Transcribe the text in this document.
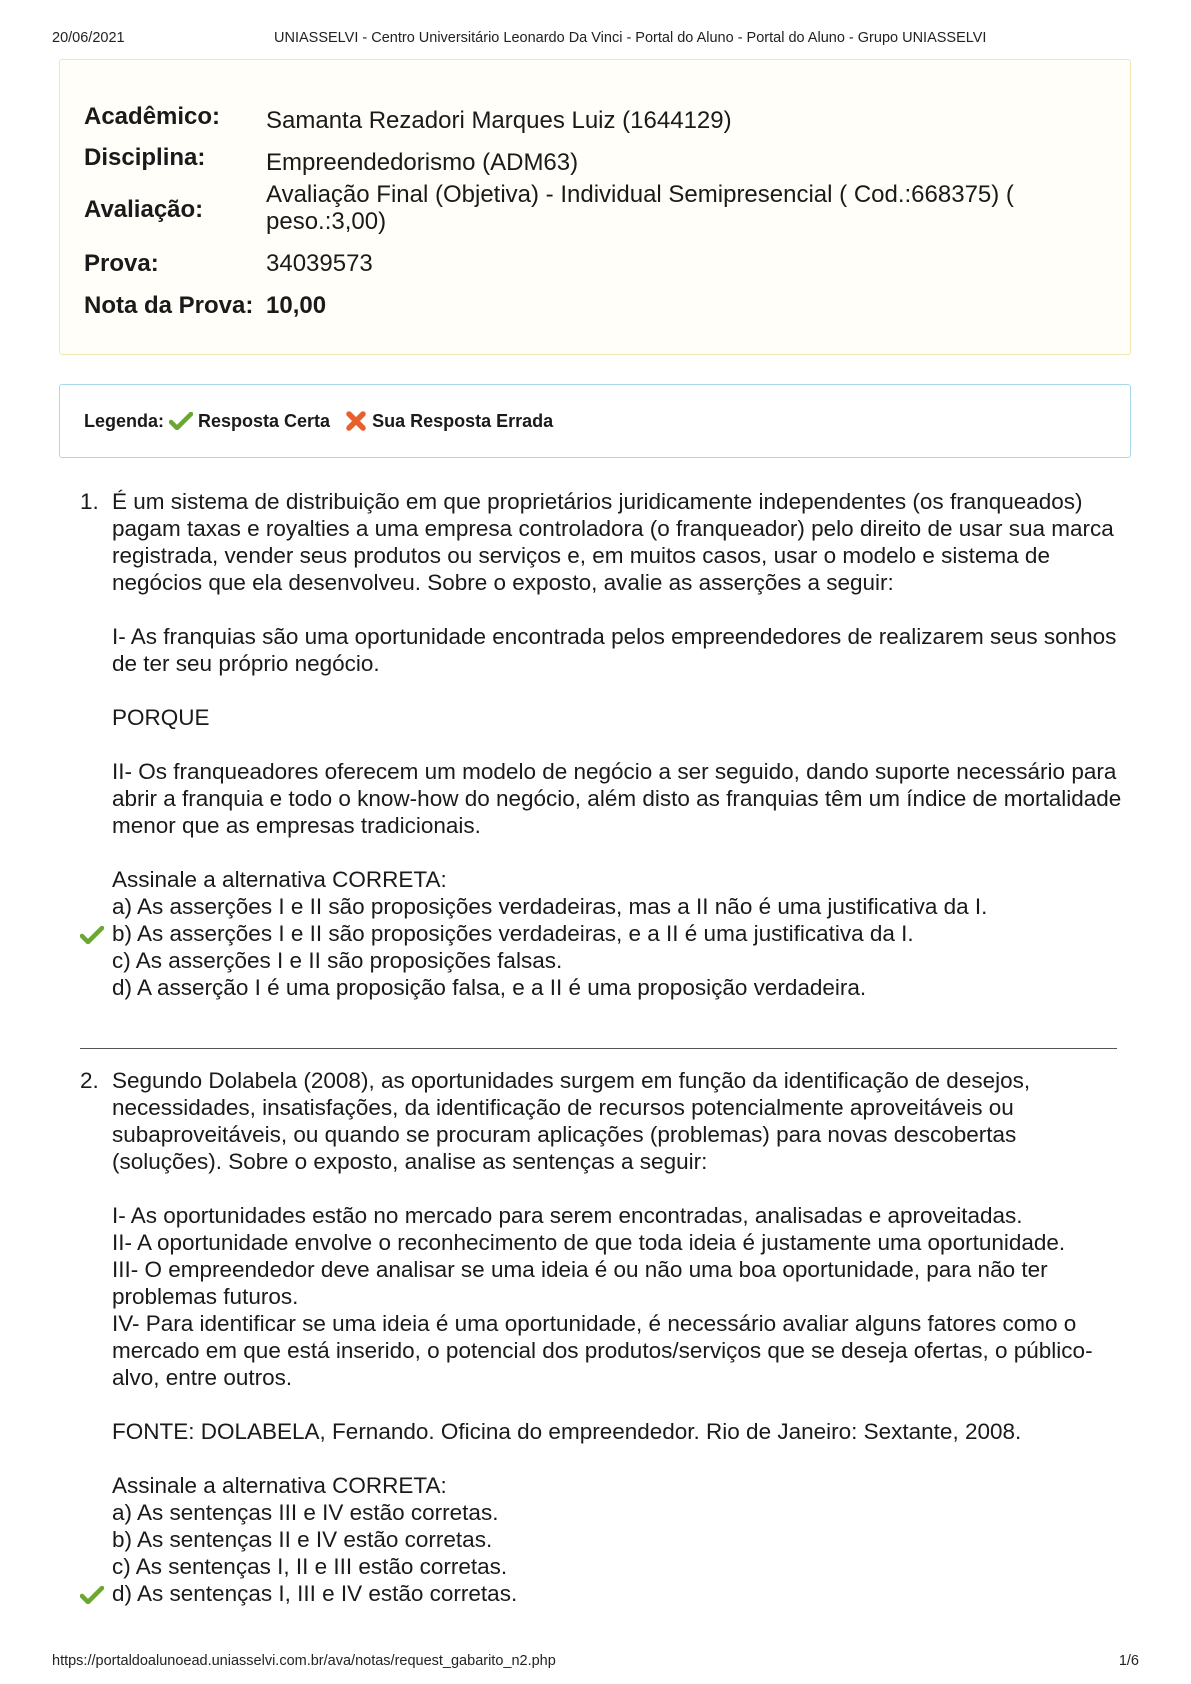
20/06/2021	UNIASSELVI - Centro Universitário Leonardo Da Vinci - Portal do Aluno - Portal do Aluno - Grupo UNIASSELVI
Acadêmico: Samanta Rezadori Marques Luiz (1644129)
Disciplina:	Empreendedorismo (ADM63)
Avaliação:
Avaliação Final (Objetiva) - Individual Semipresencial ( Cod.:668375) ( peso.:3,00)
Prova:	34039573
Nota da Prova: 10,00
Legenda: Resposta Certa Sua Resposta Errada
1. É um sistema de distribuição em que proprietários juridicamente independentes (os franqueados) pagam taxas e royalties a uma empresa controladora (o franqueador) pelo direito de usar sua marca registrada, vender seus produtos ou serviços e, em muitos casos, usar o modelo e sistema de negócios que ela desenvolveu. Sobre o exposto, avalie as asserções a seguir:

I- As franquias são uma oportunidade encontrada pelos empreendedores de realizarem seus sonhos de ter seu próprio negócio.

PORQUE

II- Os franqueadores oferecem um modelo de negócio a ser seguido, dando suporte necessário para abrir a franquia e todo o know-how do negócio, além disto as franquias têm um índice de mortalidade menor que as empresas tradicionais.

Assinale a alternativa CORRETA:

a) As asserções I e II são proposições verdadeiras, mas a II não é uma justificativa da I.
b) As asserções I e II são proposições verdadeiras, e a II é uma justificativa da I.
c) As asserções I e II são proposições falsas.
d) A asserção I é uma proposição falsa, e a II é uma proposição verdadeira.
2. Segundo Dolabela (2008), as oportunidades surgem em função da identificação de desejos, necessidades, insatisfações, da identificação de recursos potencialmente aproveitáveis ou subaproveitáveis, ou quando se procuram aplicações (problemas) para novas descobertas (soluções). Sobre o exposto, analise as sentenças a seguir:

I- As oportunidades estão no mercado para serem encontradas, analisadas e aproveitadas.

II- A oportunidade envolve o reconhecimento de que toda ideia é justamente uma oportunidade.

III- O empreendedor deve analisar se uma ideia é ou não uma boa oportunidade, para não ter problemas futuros.

IV- Para identificar se uma ideia é uma oportunidade, é necessário avaliar alguns fatores como o mercado em que está inserido, o potencial dos produtos/serviços que se deseja ofertas, o público-alvo, entre outros.

FONTE: DOLABELA, Fernando. Oficina do empreendedor. Rio de Janeiro: Sextante, 2008.

Assinale a alternativa CORRETA:

a) As sentenças III e IV estão corretas.
b) As sentenças II e IV estão corretas.
c) As sentenças I, II e III estão corretas.
d) As sentenças I, III e IV estão corretas.
https://portaldoalunoead.uniasselvi.com.br/ava/notas/request_gabarito_n2.php	1/6
